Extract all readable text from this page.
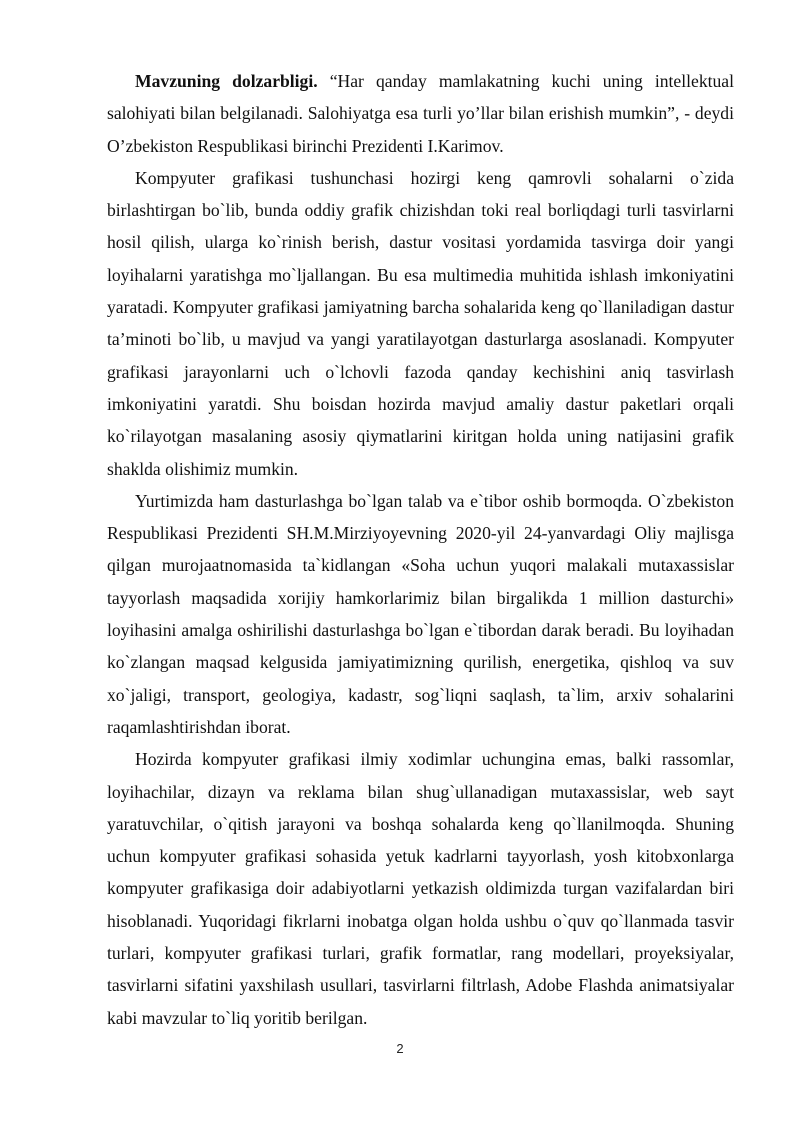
Mavzuning dolzarbligi. “Har qanday mamlakatning kuchi uning intellektual salohiyati bilan belgilanadi. Salohiyatga esa turli yo’llar bilan erishish mumkin”, - deydi O’zbekiston Respublikasi birinchi Prezidenti I.Karimov.

Kompyuter grafikasi tushunchasi hozirgi keng qamrovli sohalarni o`zida birlashtirgan bo`lib, bunda oddiy grafik chizishdan toki real borliqdagi turli tasvirlarni hosil qilish, ularga ko`rinish berish, dastur vositasi yordamida tasvirga doir yangi loyihalarni yaratishga mo`ljallangan. Bu esa multimedia muhitida ishlash imkoniyatini yaratadi. Kompyuter grafikasi jamiyatning barcha sohalarida keng qo`llaniladigan dastur ta’minoti bo`lib, u mavjud va yangi yaratilayotgan dasturlarga asoslanadi. Kompyuter grafikasi jarayonlarni uch o`lchovli fazoda qanday kechishini aniq tasvirlash imkoniyatini yaratdi. Shu boisdan hozirda mavjud amaliy dastur paketlari orqali ko`rilayotgan masalaning asosiy qiymatlarini kiritgan holda uning natijasini grafik shaklda olishimiz mumkin.

Yurtimizda ham dasturlashga bo`lgan talab va e`tibor oshib bormoqda. O`zbekiston Respublikasi Prezidenti SH.M.Mirziyoyevning 2020-yil 24-yanvardagi Oliy majlisga qilgan murojaatnomasida ta`kidlangan «Soha uchun yuqori malakali mutaxassislar tayyorlash maqsadida xorijiy hamkorlarimiz bilan birgalikda 1 million dasturchi» loyihasini amalga oshirilishi dasturlashga bo`lgan e`tibordan darak beradi. Bu loyihadan ko`zlangan maqsad kelgusida jamiyatimizning qurilish, energetika, qishloq va suv xo`jaligi, transport, geologiya, kadastr, sog`liqni saqlash, ta`lim, arxiv sohalarini raqamlashtirishdan iborat.

Hozirda kompyuter grafikasi ilmiy xodimlar uchungina emas, balki rassomlar, loyihachilar, dizayn va reklama bilan shug`ullanadigan mutaxassislar, web sayt yaratuvchilar, o`qitish jarayoni va boshqa sohalarda keng qo`llanilmoqda. Shuning uchun kompyuter grafikasi sohasida yetuk kadrlarni tayyorlash, yosh kitobxonlarga kompyuter grafikasiga doir adabiyotlarni yetkazish oldimizda turgan vazifalardan biri hisoblanadi. Yuqoridagi fikrlarni inobatga olgan holda ushbu o`quv qo`llanmada tasvir turlari, kompyuter grafikasi turlari, grafik formatlar, rang modellari, proyeksiyalar, tasvirlarni sifatini yaxshilash usullari, tasvirlarni filtrlash, Adobe Flashda animatsiyalar kabi mavzular to`liq yoritib berilgan.

2
